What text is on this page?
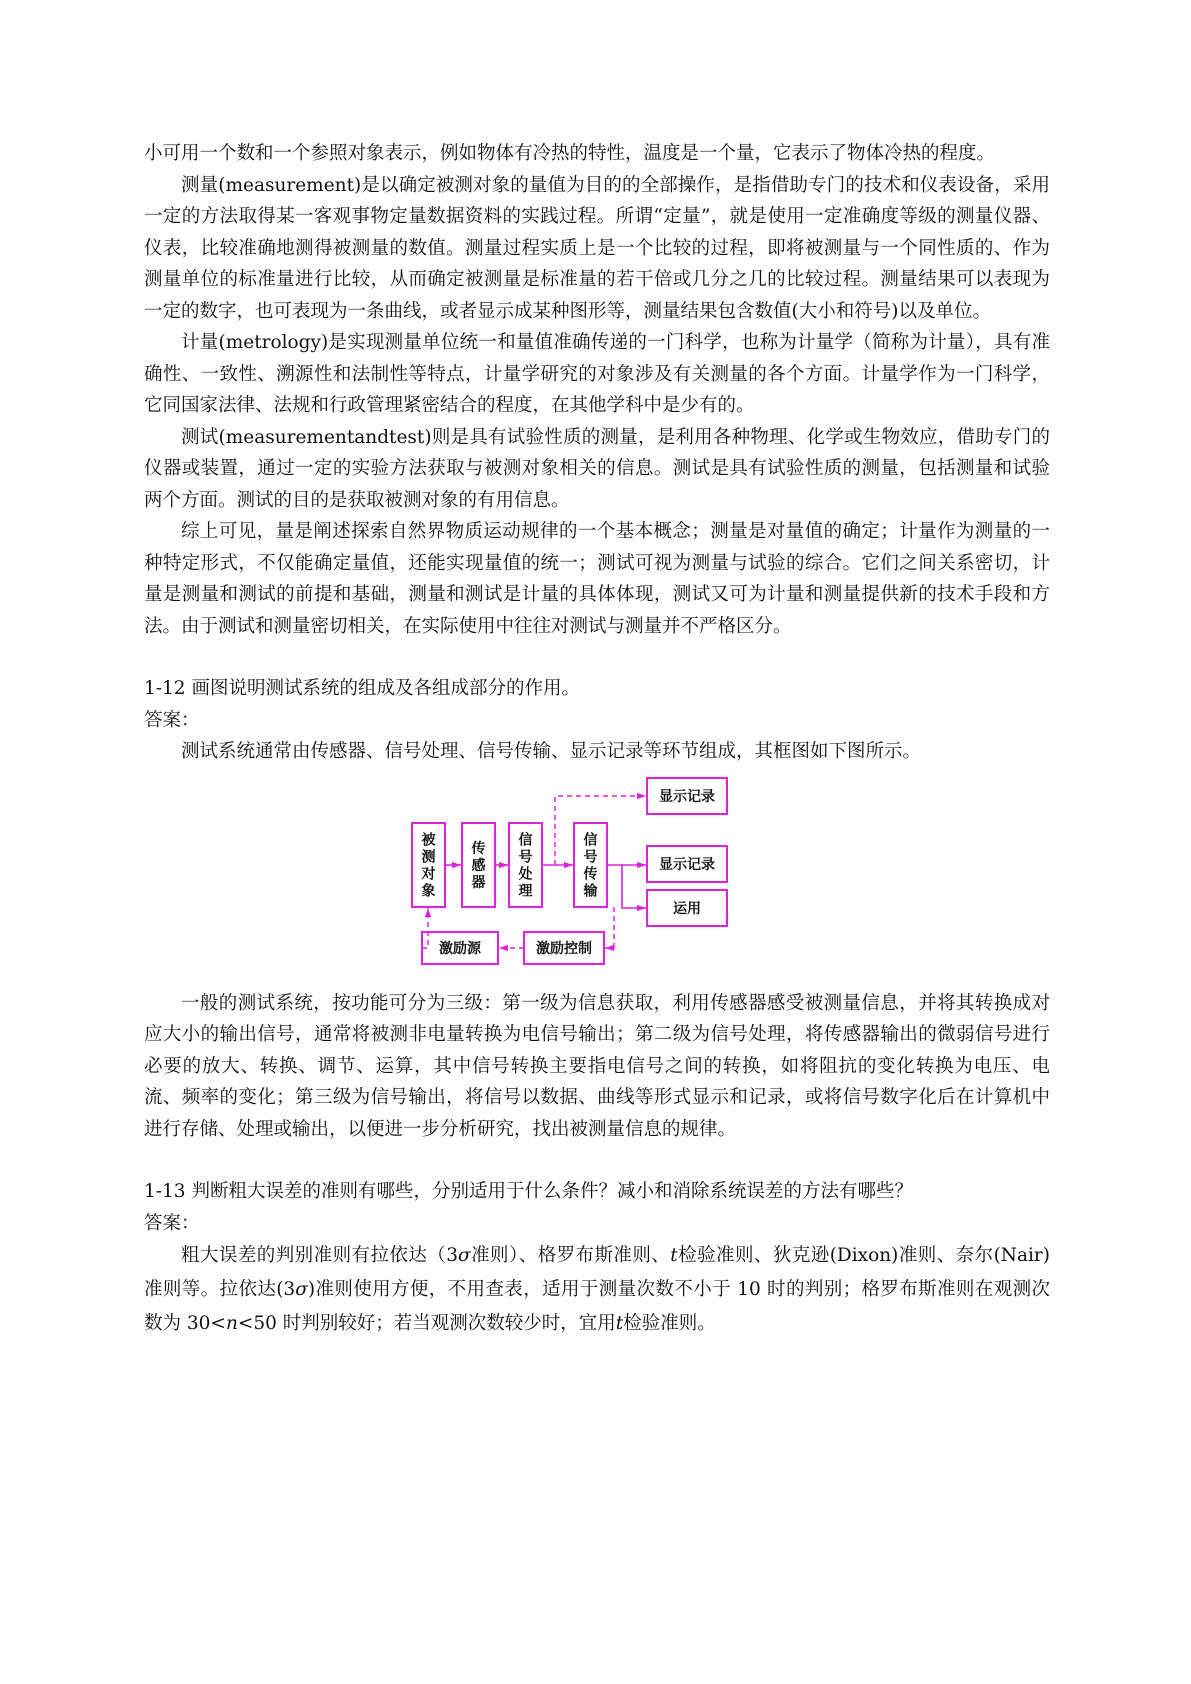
小可用一个数和一个参照对象表示，例如物体有冷热的特性，温度是一个量，它表示了物体冷热的程度。

测量(measurement)是以确定被测对象的量值为目的的全部操作，是指借助专门的技术和仪表设备，采用一定的方法取得某一客观事物定量数据资料的实践过程。所谓“定量”，就是使用一定准确度等级的测量仪器、仪表，比较准确地测得被测量的数值。测量过程实质上是一个比较的过程，即将被测量与一个同性质的、作为测量单位的标准量进行比较，从而确定被测量是标准量的若干倍或几分之几的比较过程。测量结果可以表现为一定的数字，也可表现为一条曲线，或者显示成某种图形等，测量结果包含数值(大小和符号)以及单位。

计量(metrology)是实现测量单位统一和量值准确传递的一门科学，也称为计量学（简称为计量），具有准确性、一致性、溯源性和法制性等特点，计量学研究的对象涉及有关测量的各个方面。计量学作为一门科学，它同国家法律、法规和行政管理紧密结合的程度，在其他学科中是少有的。

测试(measurementandtest)则是具有试验性质的测量，是利用各种物理、化学或生物效应，借助专门的仪器或装置，通过一定的实验方法获取与被测对象相关的信息。测试是具有试验性质的测量，包括测量和试验两个方面。测试的目的是获取被测对象的有用信息。

综上可见，量是阐述探索自然界物质运动规律的一个基本概念；测量是对量值的确定；计量作为测量的一种特定形式，不仅能确定量值，还能实现量值的统一；测试可视为测量与试验的综合。它们之间关系密切，计量是测量和测试的前提和基础，测量和测试是计量的具体体现，测试又可为计量和测量提供新的技术手段和方法。由于测试和测量密切相关，在实际使用中往往对测试与测量并不严格区分。

1-12 画图说明测试系统的组成及各组成部分的作用。

答案：

测试系统通常由传感器、信号处理、信号传输、显示记录等环节组成，其框图如下图所示。

被测对象
传感器
信号处理
信号传输
显示记录
显示记录
运用
激励源	激励控制

一般的测试系统，按功能可分为三级：第一级为信息获取，利用传感器感受被测量信息，并将其转换成对应大小的输出信号，通常将被测非电量转换为电信号输出；第二级为信号处理，将传感器输出的微弱信号进行必要的放大、转换、调节、运算，其中信号转换主要指电信号之间的转换，如将阻抗的变化转换为电压、电流、频率的变化；第三级为信号输出，将信号以数据、曲线等形式显示和记录，或将信号数字化后在计算机中进行存储、处理或输出，以便进一步分析研究，找出被测量信息的规律。

1-13 判断粗大误差的准则有哪些，分别适用于什么条件？减小和消除系统误差的方法有哪些？

答案：

粗大误差的判别准则有拉依达（3σ准则）、格罗布斯准则、t检验准则、狄克逊(Dixon)准则、奈尔(Nair)准则等。拉依达(3σ)准则使用方便，不用查表，适用于测量次数不小于 10 时的判别；格罗布斯准则在观测次数为 30<n<50 时判别较好；若当观测次数较少时，宜用t检验准则。
